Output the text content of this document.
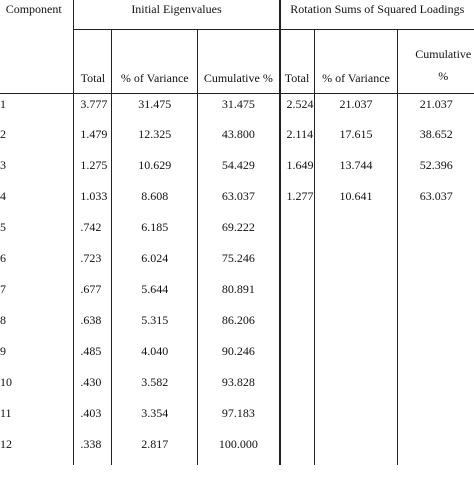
Component	Initial Eigenvalues			Rotation Sums of Squared Loadings		
	Total	% of Variance	Cumulative %	Total	% of Variance	Cumulative %
1	3.777	31.475	31.475	2.524	21.037	21.037
2	1.479	12.325	43.800	2.114	17.615	38.652
3	1.275	10.629	54.429	1.649	13.744	52.396
4	1.033	8.608	63.037	1.277	10.641	63.037
5	.742	6.185	69.222			
6	.723	6.024	75.246			
7	.677	5.644	80.891			
8	.638	5.315	86.206			
9	.485	4.040	90.246			
10	.430	3.582	93.828			
11	.403	3.354	97.183			
12	.338	2.817	100.000			
